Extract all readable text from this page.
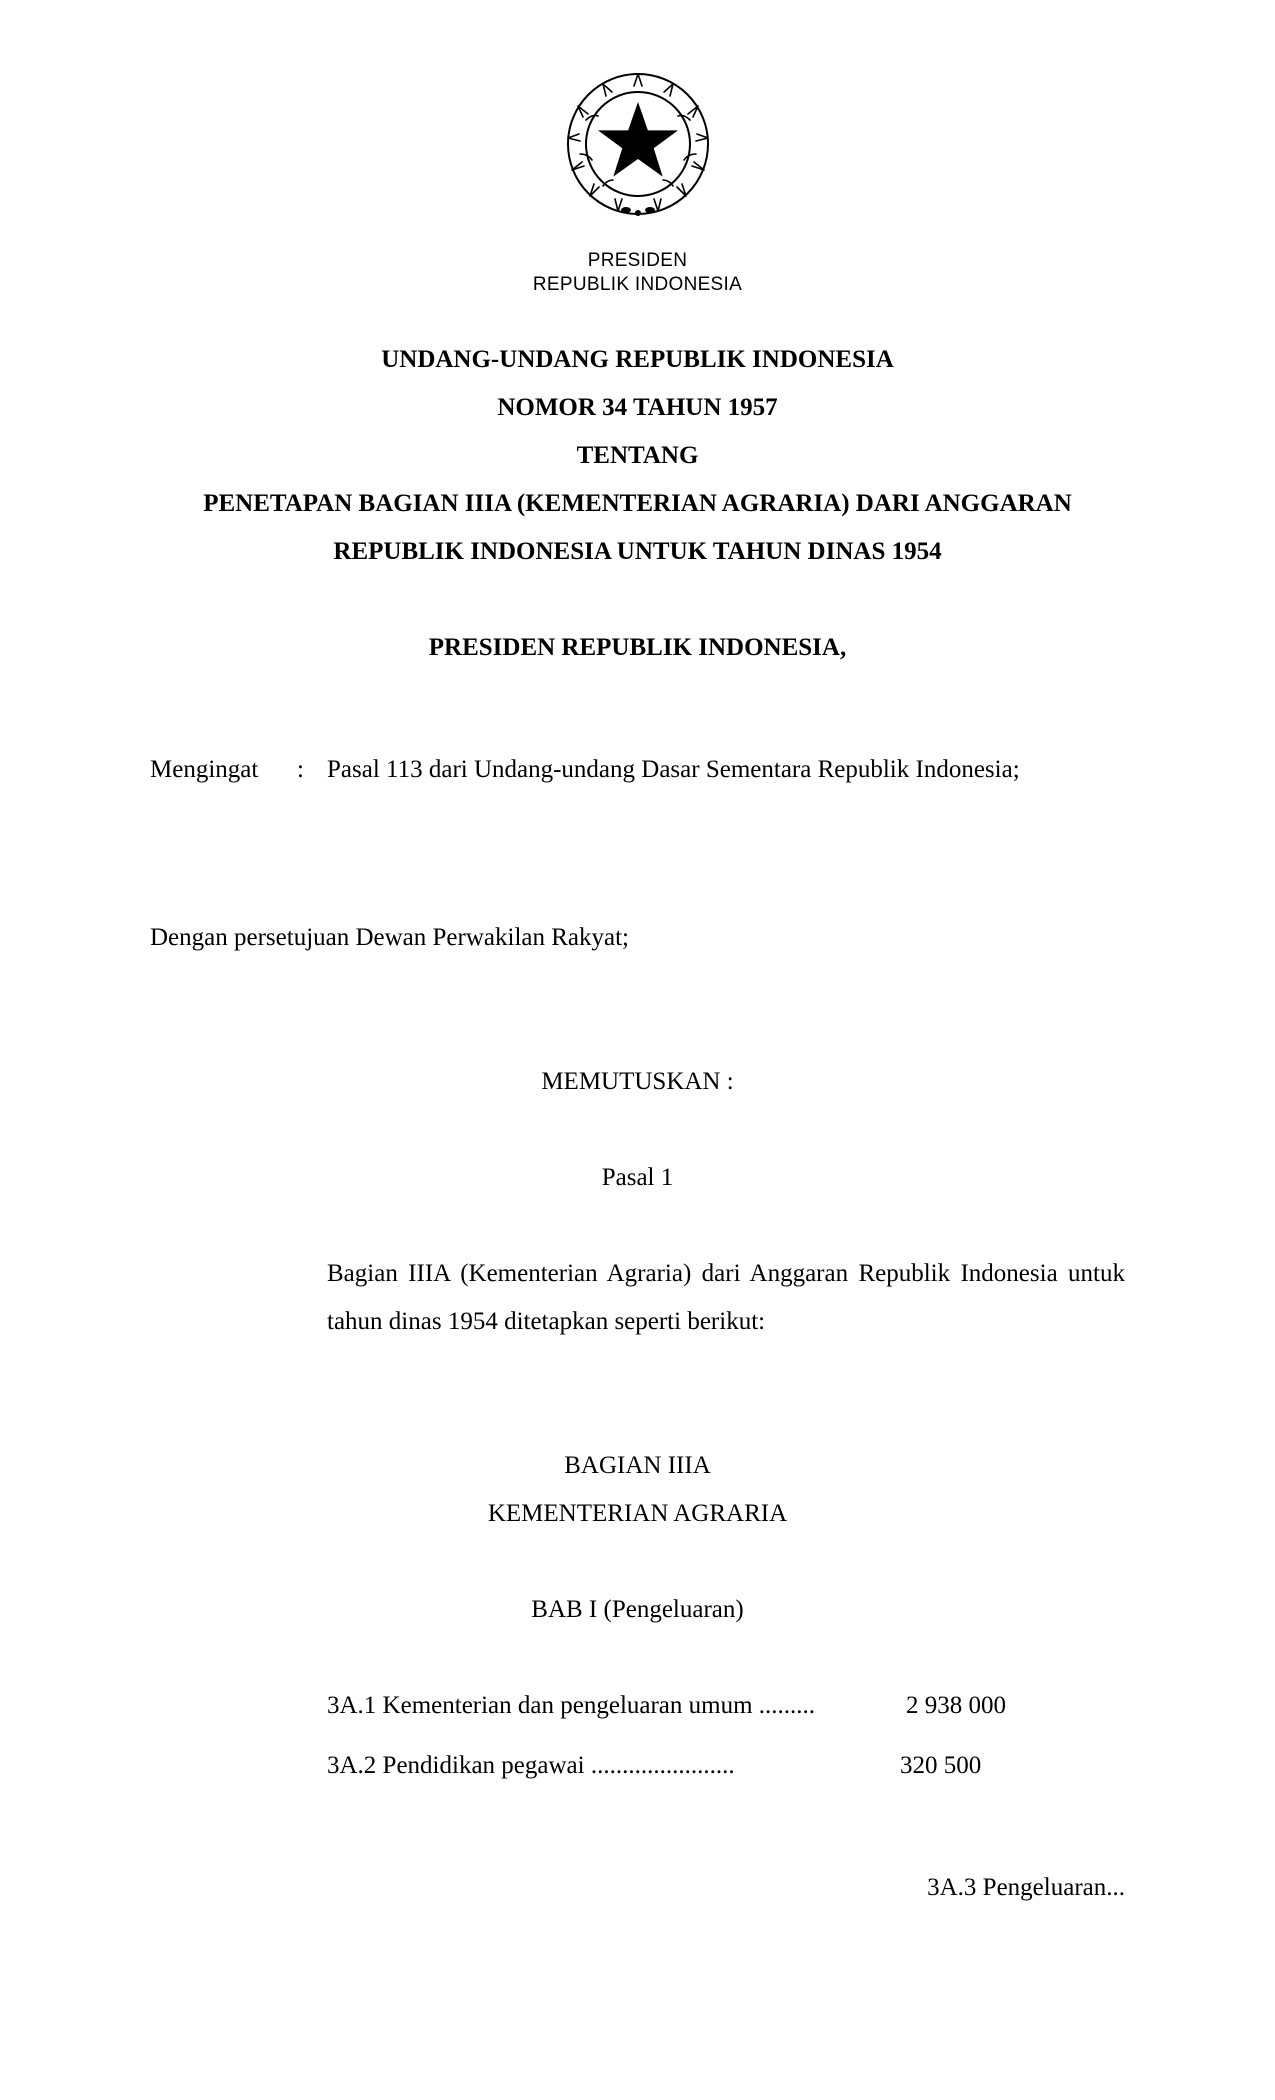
PRESIDEN
REPUBLIK INDONESIA
UNDANG-UNDANG REPUBLIK INDONESIA
NOMOR 34 TAHUN 1957
TENTANG
PENETAPAN BAGIAN IIIA (KEMENTERIAN AGRARIA) DARI ANGGARAN
REPUBLIK INDONESIA UNTUK TAHUN DINAS 1954
PRESIDEN REPUBLIK INDONESIA,
Mengingat : Pasal 113 dari Undang-undang Dasar Sementara Republik Indonesia;
Dengan persetujuan Dewan Perwakilan Rakyat;
MEMUTUSKAN :
Pasal 1
Bagian IIIA (Kementerian Agraria) dari Anggaran Republik Indonesia untuk tahun dinas 1954 ditetapkan seperti berikut:
BAGIAN IIIA
KEMENTERIAN AGRARIA
BAB I (Pengeluaran)
3A.1 Kementerian dan pengeluaran umum .........	2 938 000
3A.2 Pendidikan pegawai .......................	320 500
3A.3 Pengeluaran...
